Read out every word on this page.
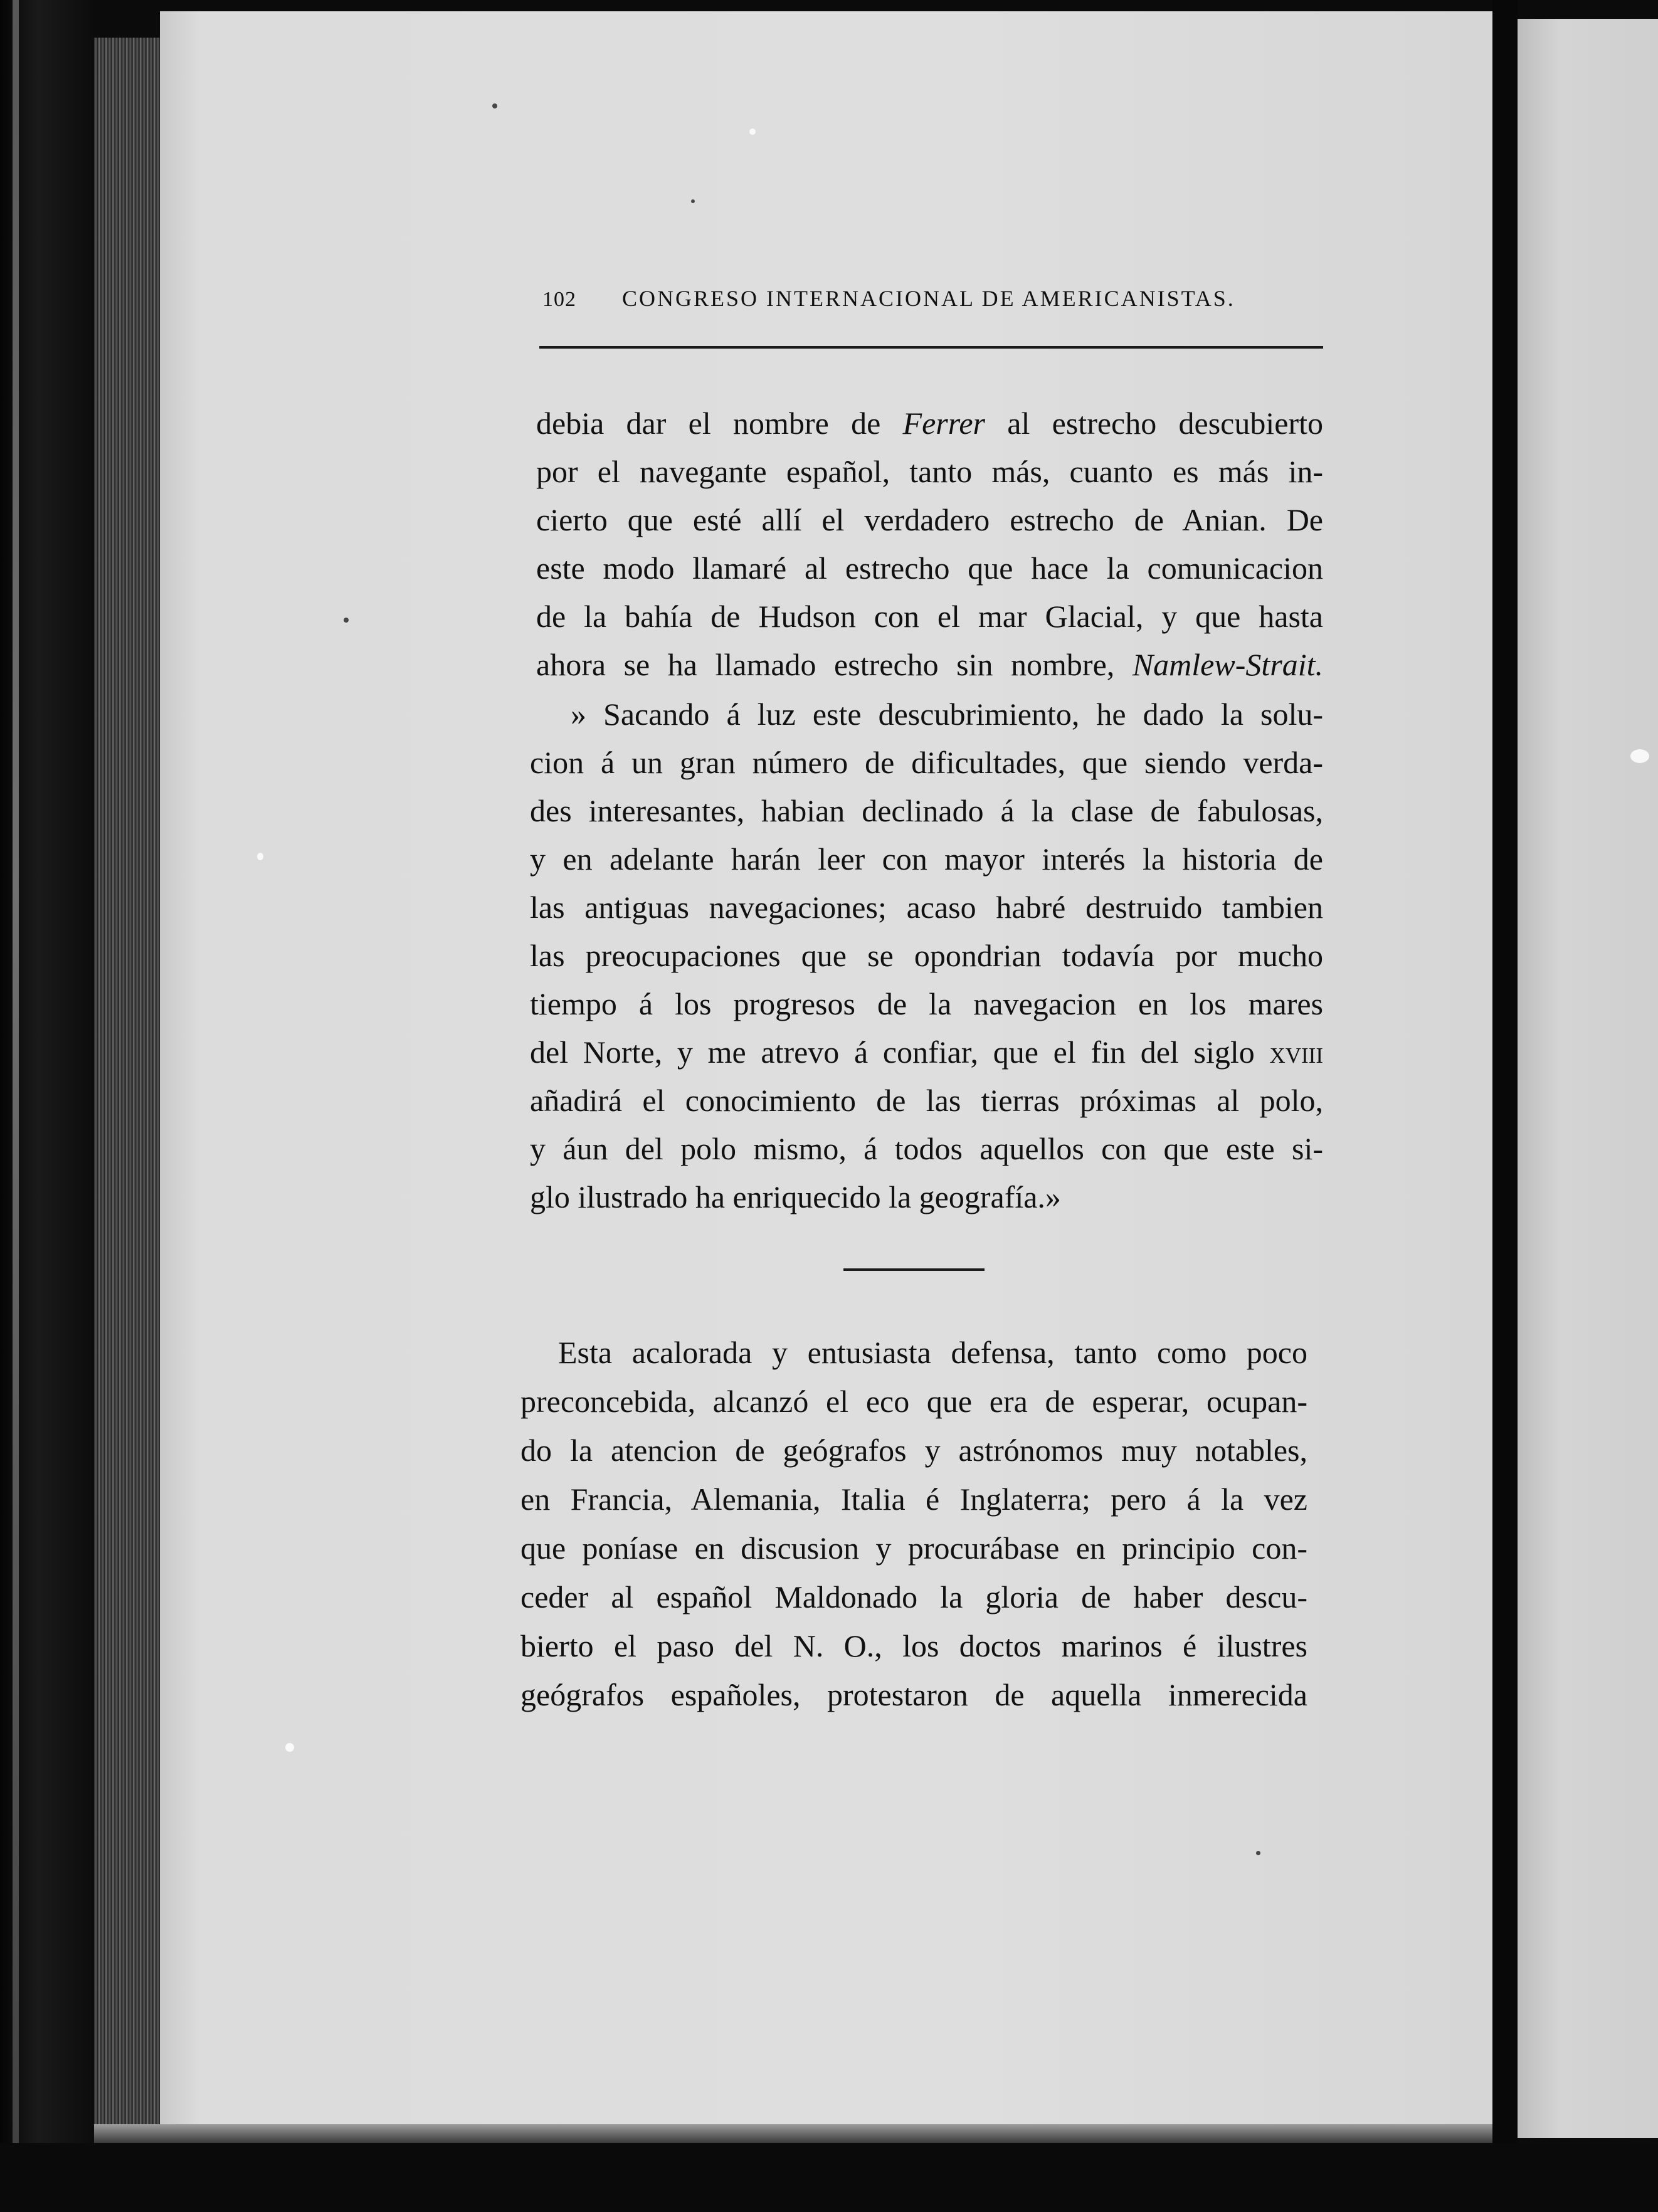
102 CONGRESO INTERNACIONAL DE AMERICANISTAS.
debia dar el nombre de Ferrer al estrecho descubierto
por el navegante español, tanto más, cuanto es más in-
cierto que esté allí el verdadero estrecho de Anian. De
este modo llamaré al estrecho que hace la comunicacion
de la bahía de Hudson con el mar Glacial, y que hasta
ahora se ha llamado estrecho sin nombre, Namlew-Strait.
» Sacando á luz este descubrimiento, he dado la solu-
cion á un gran número de dificultades, que siendo verda-
des interesantes, habian declinado á la clase de fabulosas,
y en adelante harán leer con mayor interés la historia de
las antiguas navegaciones; acaso habré destruido tambien
las preocupaciones que se opondrian todavía por mucho
tiempo á los progresos de la navegacion en los mares
del Norte, y me atrevo á confiar, que el fin del siglo xviii
añadirá el conocimiento de las tierras próximas al polo,
y áun del polo mismo, á todos aquellos con que este si-
glo ilustrado ha enriquecido la geografía.»
Esta acalorada y entusiasta defensa, tanto como poco
preconcebida, alcanzó el eco que era de esperar, ocupan-
do la atencion de geógrafos y astrónomos muy notables,
en Francia, Alemania, Italia é Inglaterra; pero á la vez
que poníase en discusion y procurábase en principio con-
ceder al español Maldonado la gloria de haber descu-
bierto el paso del N. O., los doctos marinos é ilustres
geógrafos españoles, protestaron de aquella inmerecida
